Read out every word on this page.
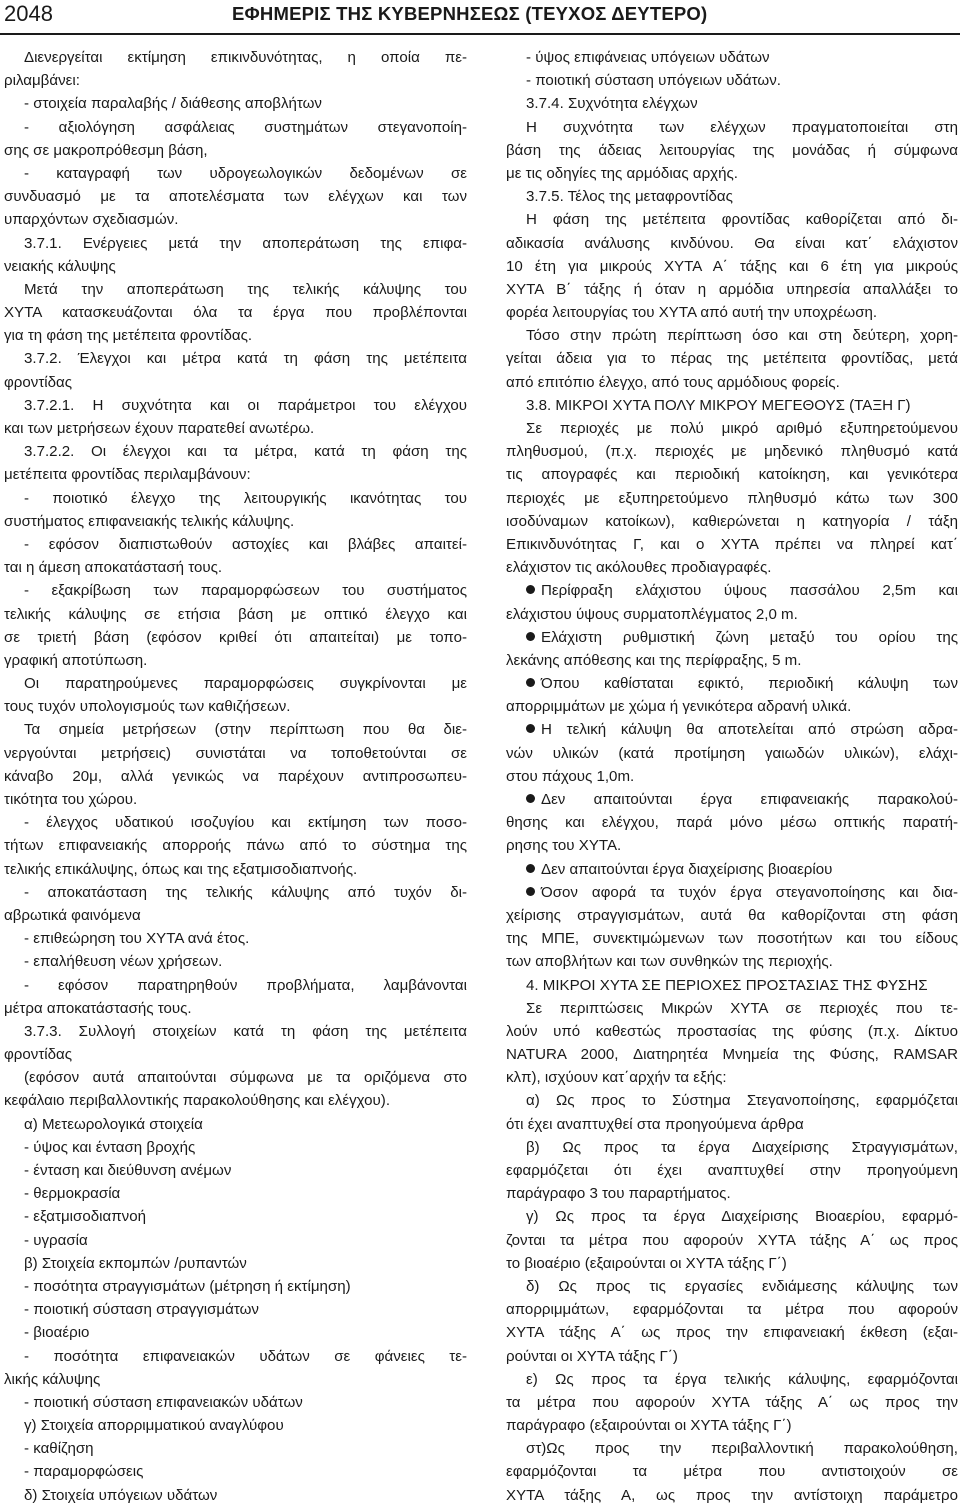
2048	ΕΦΗΜΕΡΙΣ ΤΗΣ ΚΥΒΕΡΝΗΣΕΩΣ (ΤΕΥΧΟΣ ΔΕΥΤΕΡΟ)
Διενεργείται εκτίμηση επικινδυνότητας, η οποία πε-
ριλαμβάνει:
- στοιχεία παραλαβής / διάθεσης αποβλήτων
- αξιολόγηση ασφάλειας συστημάτων στεγανοποίη-
σης σε μακροπρόθεσμη βάση,
- καταγραφή των υδρογεωλογικών δεδομένων σε
συνδυασμό με τα αποτελέσματα των ελέγχων και των
υπαρχόντων σχεδιασμών.
3.7.1. Ενέργειες μετά την αποπεράτωση της επιφα-
νειακής κάλυψης
Μετά την αποπεράτωση της τελικής κάλυψης του
ΧΥΤΑ κατασκευάζονται όλα τα έργα που προβλέπονται
για τη φάση της μετέπειτα φροντίδας.
3.7.2. Έλεγχοι και μέτρα κατά τη φάση της μετέπειτα
φροντίδας
3.7.2.1. Η συχνότητα και οι παράμετροι του ελέγχου
και των μετρήσεων έχουν παρατεθεί ανωτέρω.
3.7.2.2. Οι έλεγχοι και τα μέτρα, κατά τη φάση της
μετέπειτα φροντίδας περιλαμβάνουν:
- ποιοτικό έλεγχο της λειτουργικής ικανότητας του
συστήματος επιφανειακής τελικής κάλυψης.
- εφόσον διαπιστωθούν αστοχίες και βλάβες απαιτεί-
ται η άμεση αποκατάστασή τους.
- εξακρίβωση των παραμορφώσεων του συστήματος
τελικής κάλυψης σε ετήσια βάση με οπτικό έλεγχο και
σε τριετή βάση (εφόσον κριθεί ότι απαιτείται) με τοπο-
γραφική αποτύπωση.
Οι παρατηρούμενες παραμορφώσεις συγκρίνονται με
τους τυχόν υπολογισμούς των καθιζήσεων.
Τα σημεία μετρήσεων (στην περίπτωση που θα διε-
νεργούνται μετρήσεις) συνιστάται να τοποθετούνται σε
κάναβο 20μ, αλλά γενικώς να παρέχουν αντιπροσωπευ-
τικότητα του χώρου.
- έλεγχος υδατικού ισοζυγίου και εκτίμηση των ποσο-
τήτων επιφανειακής απορροής πάνω από το σύστημα της
τελικής επικάλυψης, όπως και της εξατμισοδιαπνοής.
- αποκατάσταση της τελικής κάλυψης από τυχόν δι-
αβρωτικά φαινόμενα
- επιθεώρηση του ΧΥΤΑ ανά έτος.
- επαλήθευση νέων χρήσεων.
- εφόσον παρατηρηθούν προβλήματα, λαμβάνονται
μέτρα αποκατάστασής τους.
3.7.3. Συλλογή στοιχείων κατά τη φάση της μετέπειτα
φροντίδας
(εφόσον αυτά απαιτούνται σύμφωνα με τα οριζόμενα στο
κεφάλαιο περιβαλλοντικής παρακολούθησης και ελέγχου).
α) Μετεωρολογικά στοιχεία
- ύψος και ένταση βροχής
- ένταση και διεύθυνση ανέμων
- θερμοκρασία
- εξατμισοδιαπνοή
- υγρασία
β) Στοιχεία εκπομπών /ρυπαντών
- ποσότητα στραγγισμάτων (μέτρηση ή εκτίμηση)
- ποιοτική σύσταση στραγγισμάτων
- βιοαέριο
- ποσότητα επιφανειακών υδάτων σε φάνειες τε-
λικής κάλυψης
- ποιοτική σύσταση επιφανειακών υδάτων
γ) Στοιχεία απορριμματικού αναγλύφου
- καθίζηση
- παραμορφώσεις
δ) Στοιχεία υπόγειων υδάτων
- ύψος επιφάνειας υπόγειων υδάτων
- ποιοτική σύσταση υπόγειων υδάτων.
3.7.4. Συχνότητα ελέγχων
Η συχνότητα των ελέγχων πραγματοποιείται στη
βάση της άδειας λειτουργίας της μονάδας ή σύμφωνα
με τις οδηγίες της αρμόδιας αρχής.
3.7.5. Τέλος της μεταφροντίδας
Η φάση της μετέπειτα φροντίδας καθορίζεται από δι-
αδικασία ανάλυσης κινδύνου. Θα είναι κατ΄ ελάχιστον
10 έτη για μικρούς ΧΥΤΑ Α΄ τάξης και 6 έτη για μικρούς
ΧΥΤΑ Β΄ τάξης ή όταν η αρμόδια υπηρεσία απαλλάξει το
φορέα λειτουργίας του ΧΥΤΑ από αυτή την υποχρέωση.
Τόσο στην πρώτη περίπτωση όσο και στη δεύτερη, χορη-
γείται άδεια για το πέρας της μετέπειτα φροντίδας, μετά
από επιτόπιο έλεγχο, από τους αρμόδιους φορείς.
3.8. ΜΙΚΡΟΙ ΧΥΤΑ ΠΟΛΥ ΜΙΚΡΟΥ ΜΕΓΕΘΟΥΣ (ΤΑΞΗ Γ)
Σε περιοχές με πολύ μικρό αριθμό εξυπηρετούμενου
πληθυσμού, (π.χ. περιοχές με μηδενικό πληθυσμό κατά
τις απογραφές και περιοδική κατοίκηση, και γενικότερα
περιοχές με εξυπηρετούμενο πληθυσμό κάτω των 300
ισοδύναμων κατοίκων), καθιερώνεται η κατηγορία / τάξη
Επικινδυνότητας Γ, και ο ΧΥΤΑ πρέπει να πληρεί κατ΄
ελάχιστον τις ακόλουθες προδιαγραφές.
Περίφραξη ελάχιστου ύψους πασσάλου 2,5m και
ελάχιστου ύψους συρματοπλέγματος 2,0 m.
Ελάχιστη ρυθμιστική ζώνη μεταξύ του ορίου της
λεκάνης απόθεσης και της περίφραξης, 5 m.
Όπου καθίσταται εφικτό, περιοδική κάλυψη των
απορριμμάτων με χώμα ή γενικότερα αδρανή υλικά.
Η τελική κάλυψη θα αποτελείται από στρώση αδρα-
νών υλικών (κατά προτίμηση γαιωδών υλικών), ελάχι-
στου πάχους 1,0m.
Δεν απαιτούνται έργα επιφανειακής παρακολού-
θησης και ελέγχου, παρά μόνο μέσω οπτικής παρατή-
ρησης του ΧΥΤΑ.
Δεν απαιτούνται έργα διαχείρισης βιοαερίου
Όσον αφορά τα τυχόν έργα στεγανοποίησης και δια-
χείρισης στραγγισμάτων, αυτά θα καθορίζονται στη φάση
της ΜΠΕ, συνεκτιμώμενων των ποσοτήτων και του είδους
των αποβλήτων και των συνθηκών της περιοχής.
4. ΜΙΚΡΟΙ ΧΥΤΑ ΣΕ ΠΕΡΙΟΧΕΣ ΠΡΟΣΤΑΣΙΑΣ ΤΗΣ ΦΥΣΗΣ
Σε περιπτώσεις Μικρών ΧΥΤΑ σε περιοχές που τε-
λούν υπό καθεστώς προστασίας της φύσης (π.χ. Δίκτυο
NATURA 2000, Διατηρητέα Μνημεία της Φύσης, RAMSAR
κλπ), ισχύουν κατ΄αρχήν τα εξής:
α) Ως προς το Σύστημα Στεγανοποίησης, εφαρμόζεται
ότι έχει αναπτυχθεί στα προηγούμενα άρθρα
β) Ως προς τα έργα Διαχείρισης Στραγγισμάτων,
εφαρμόζεται ότι έχει αναπτυχθεί στην προηγούμενη
παράγραφο 3 του παραρτήματος.
γ) Ως προς τα έργα Διαχείρισης Βιοαερίου, εφαρμό-
ζονται τα μέτρα που αφορούν ΧΥΤΑ τάξης Α΄ ως προς
το βιοαέριο (εξαιρούνται οι ΧΥΤΑ τάξης Γ΄)
δ) Ως προς τις εργασίες ενδιάμεσης κάλυψης των
απορριμμάτων, εφαρμόζονται τα μέτρα που αφορούν
ΧΥΤΑ τάξης Α΄ ως προς την επιφανειακή έκθεση (εξαι-
ρούνται οι ΧΥΤΑ τάξης Γ΄)
ε) Ως προς τα έργα τελικής κάλυψης, εφαρμόζονται
τα μέτρα που αφορούν ΧΥΤΑ τάξης Α΄ ως προς την
παράγραφο (εξαιρούνται οι ΧΥΤΑ τάξης Γ΄)
στ)Ως προς την περιβαλλοντική παρακολούθηση,
εφαρμόζονται τα μέτρα που αντιστοιχούν σε
ΧΥΤΑ τάξης Α, ως προς την αντίστοιχη παράμετρο
